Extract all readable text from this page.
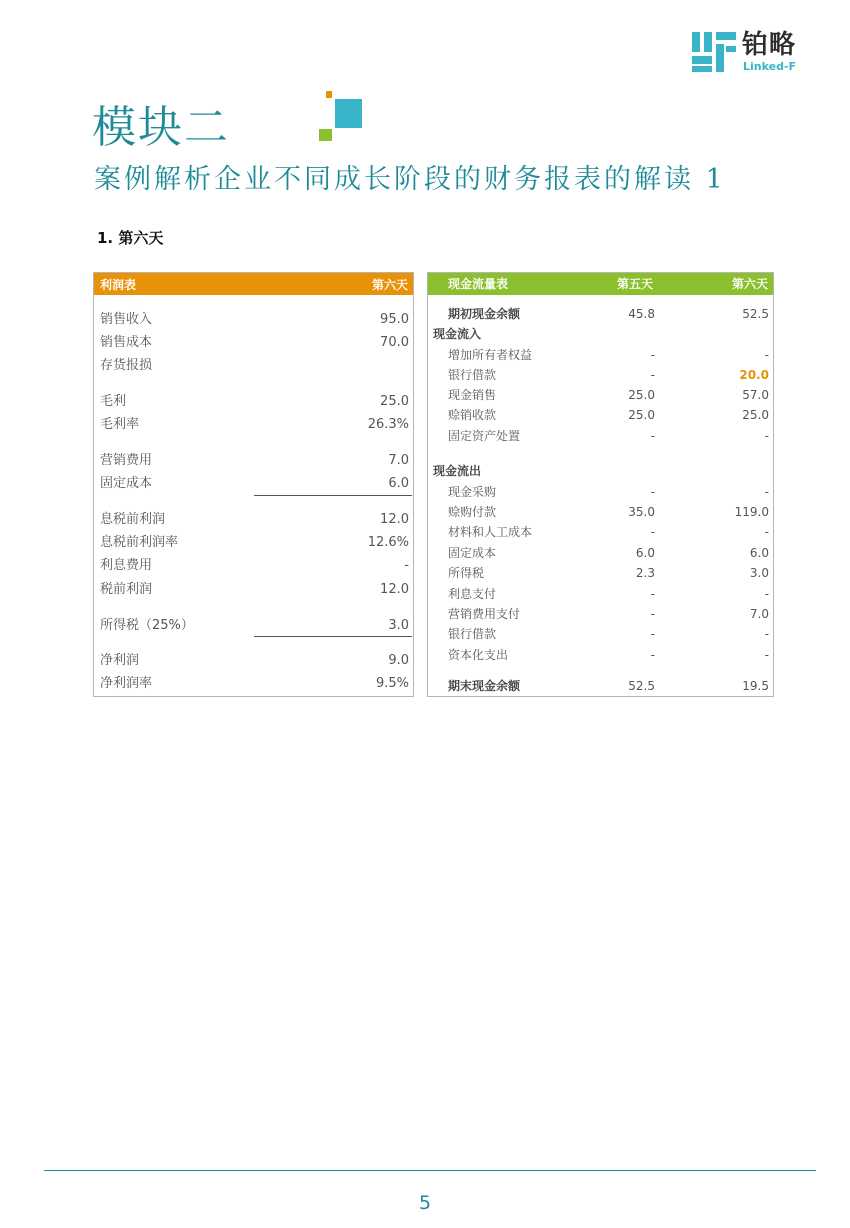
铂略
Linked-F
模块二
案例解析企业不同成长阶段的财务报表的解读 1
1. 第六天
利润表	第六天
销售收入	95.0
销售成本	70.0
存货报损
毛利	25.0
毛利率	26.3%
营销费用	7.0
固定成本	6.0
息税前利润	12.0
息税前利润率	12.6%
利息费用	-
税前利润	12.0
所得税（25%）	3.0
净利润	9.0
净利润率	9.5%
现金流量表	第五天	第六天
期初现金余额	45.8	52.5
现金流入
增加所有者权益	-	-
银行借款	-	20.0
现金销售	25.0	57.0
赊销收款	25.0	25.0
固定资产处置	-	-
现金流出
现金采购	-	-
赊购付款	35.0	119.0
材料和人工成本	-	-
固定成本	6.0	6.0
所得税	2.3	3.0
利息支付	-	-
营销费用支付	-	7.0
银行借款	-	-
资本化支出	-	-
期末现金余额	52.5	19.5
5
